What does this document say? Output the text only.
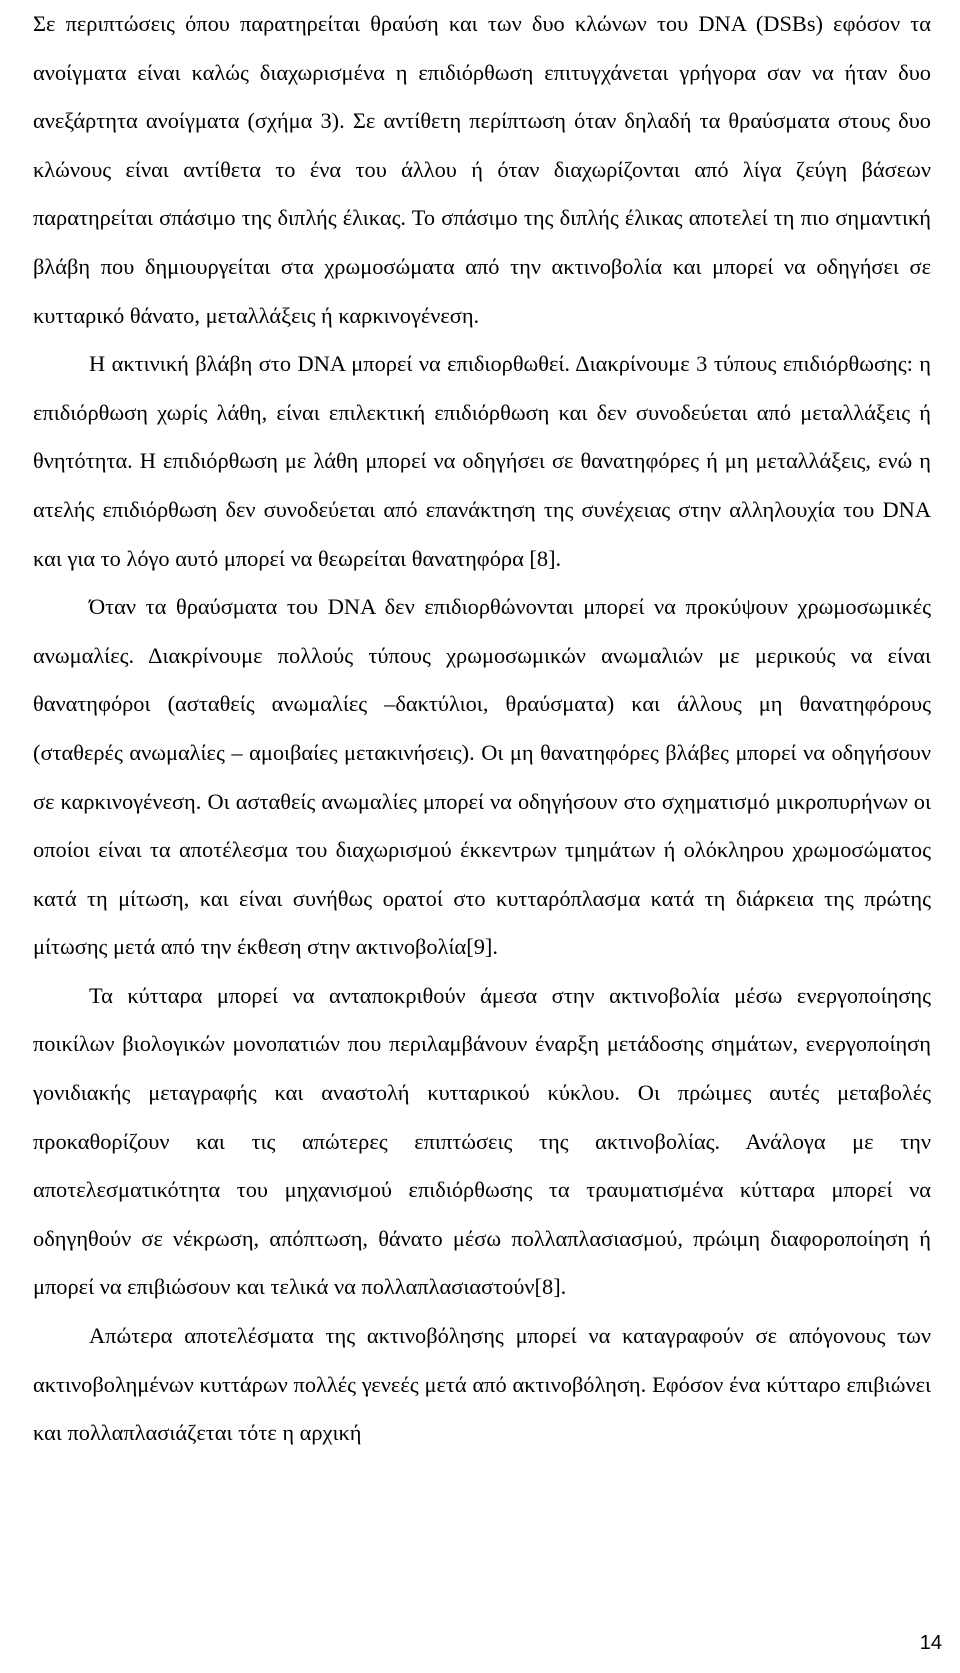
Σε περιπτώσεις όπου παρατηρείται θραύση και των δυο κλώνων του DNA (DSBs) εφόσον τα ανοίγματα είναι καλώς διαχωρισμένα η επιδιόρθωση επιτυγχάνεται γρήγορα σαν να ήταν δυο ανεξάρτητα ανοίγματα (σχήμα 3). Σε αντίθετη περίπτωση όταν δηλαδή τα θραύσματα στους δυο κλώνους είναι αντίθετα το ένα του άλλου ή όταν διαχωρίζονται από λίγα ζεύγη βάσεων παρατηρείται σπάσιμο της διπλής έλικας. Το σπάσιμο της διπλής έλικας αποτελεί τη πιο σημαντική βλάβη που δημιουργείται στα χρωμοσώματα από την ακτινοβολία και μπορεί να οδηγήσει σε κυτταρικό θάνατο, μεταλλάξεις ή καρκινογένεση.

Η ακτινική βλάβη στο DNA μπορεί να επιδιορθωθεί. Διακρίνουμε 3 τύπους επιδιόρθωσης: η επιδιόρθωση χωρίς λάθη, είναι επιλεκτική επιδιόρθωση και δεν συνοδεύεται από μεταλλάξεις ή θνητότητα. Η επιδιόρθωση με λάθη μπορεί να οδηγήσει σε θανατηφόρες ή μη μεταλλάξεις, ενώ η ατελής επιδιόρθωση δεν συνοδεύεται από επανάκτηση της συνέχειας στην αλληλουχία του DNA και για το λόγο αυτό μπορεί να θεωρείται θανατηφόρα [8].

Όταν τα θραύσματα του DNA δεν επιδιορθώνονται μπορεί να προκύψουν χρωμοσωμικές ανωμαλίες. Διακρίνουμε πολλούς τύπους χρωμοσωμικών ανωμαλιών με μερικούς να είναι θανατηφόροι (ασταθείς ανωμαλίες –δακτύλιοι, θραύσματα) και άλλους μη θανατηφόρους (σταθερές ανωμαλίες – αμοιβαίες μετακινήσεις). Οι μη θανατηφόρες βλάβες μπορεί να οδηγήσουν σε καρκινογένεση. Οι ασταθείς ανωμαλίες μπορεί να οδηγήσουν στο σχηματισμό μικροπυρήνων οι οποίοι είναι τα αποτέλεσμα του διαχωρισμού έκκεντρων τμημάτων ή ολόκληρου χρωμοσώματος κατά τη μίτωση, και είναι συνήθως ορατοί στο κυτταρόπλασμα κατά τη διάρκεια της πρώτης μίτωσης μετά από την έκθεση στην ακτινοβολία[9].

Τα κύτταρα μπορεί να ανταποκριθούν άμεσα στην ακτινοβολία μέσω ενεργοποίησης ποικίλων βιολογικών μονοπατιών που περιλαμβάνουν έναρξη μετάδοσης σημάτων, ενεργοποίηση γονιδιακής μεταγραφής και αναστολή κυτταρικού κύκλου. Οι πρώιμες αυτές μεταβολές προκαθορίζουν και τις απώτερες επιπτώσεις της ακτινοβολίας. Ανάλογα με την αποτελεσματικότητα του μηχανισμού επιδιόρθωσης τα τραυματισμένα κύτταρα μπορεί να οδηγηθούν σε νέκρωση, απόπτωση, θάνατο μέσω πολλαπλασιασμού, πρώιμη διαφοροποίηση ή μπορεί να επιβιώσουν και τελικά να πολλαπλασιαστούν[8].

Απώτερα αποτελέσματα της ακτινοβόλησης μπορεί να καταγραφούν σε απόγονους των ακτινοβολημένων κυττάρων πολλές γενεές μετά από ακτινοβόληση. Εφόσον ένα κύτταρο επιβιώνει και πολλαπλασιάζεται τότε η αρχική

14
